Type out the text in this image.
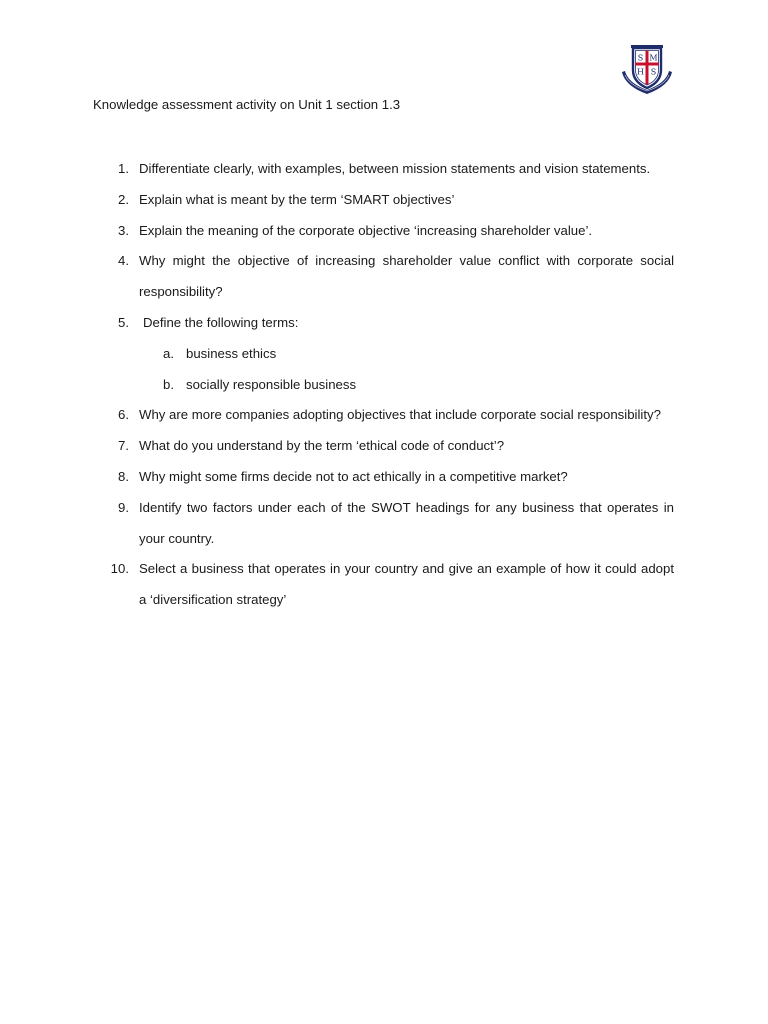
S M
H S
Knowledge assessment activity on Unit 1 section 1.3
1. Differentiate clearly, with examples, between mission statements and vision statements.
2. Explain what is meant by the term ‘SMART objectives’
3. Explain the meaning of the corporate objective ‘increasing shareholder value’.
4. Why might the objective of increasing shareholder value conflict with corporate social responsibility?
5. Define the following terms:
a. business ethics
b. socially responsible business
6. Why are more companies adopting objectives that include corporate social responsibility?
7. What do you understand by the term ‘ethical code of conduct’?
8. Why might some firms decide not to act ethically in a competitive market?
9. Identify two factors under each of the SWOT headings for any business that operates in your country.
10. Select a business that operates in your country and give an example of how it could adopt a ‘diversification strategy’
